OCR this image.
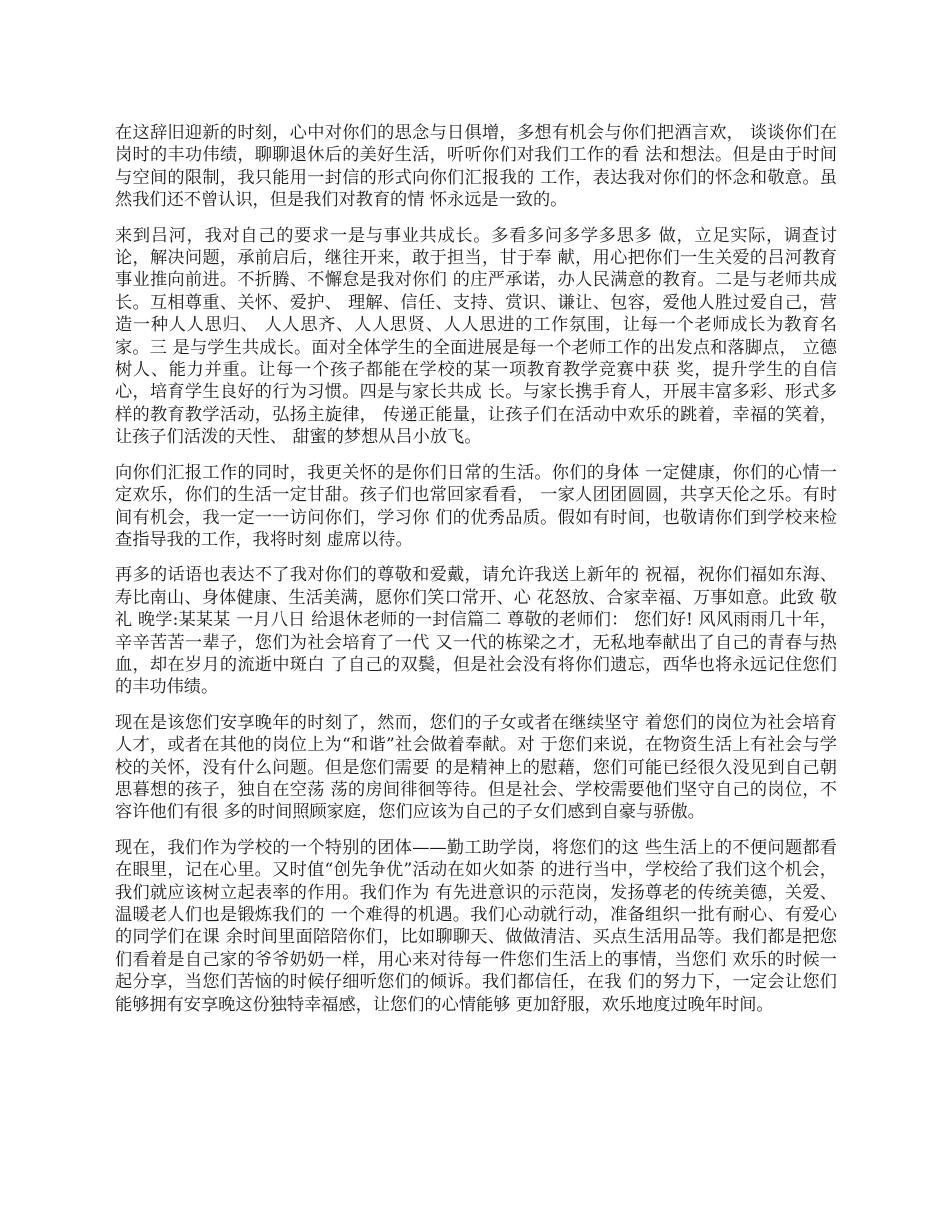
在这辞旧迎新的时刻，心中对你们的思念与日俱增，多想有机会与你们把酒言欢， 谈谈你们在岗时的丰功伟绩，聊聊退休后的美好生活，听听你们对我们工作的看 法和想法。但是由于时间与空间的限制，我只能用一封信的形式向你们汇报我的 工作，表达我对你们的怀念和敬意。虽然我们还不曾认识，但是我们对教育的情 怀永远是一致的。

来到吕河，我对自己的要求一是与事业共成长。多看多问多学多思多 做，立足实际，调查讨论，解决问题，承前启后，继往开来，敢于担当，甘于奉 献，用心把你们一生关爱的吕河教育事业推向前进。不折腾、不懈怠是我对你们 的庄严承诺，办人民满意的教育。二是与老师共成长。互相尊重、关怀、爱护、 理解、信任、支持、赏识、谦让、包容，爱他人胜过爱自己，营造一种人人思归、 人人思齐、人人思贤、人人思进的工作氛围，让每一个老师成长为教育名家。三 是与学生共成长。面对全体学生的全面进展是每一个老师工作的出发点和落脚点， 立德树人、能力并重。让每一个孩子都能在学校的某一项教育教学竞赛中获 奖，提升学生的自信心，培育学生良好的行为习惯。四是与家长共成 长。与家长携手育人，开展丰富多彩、形式多样的教育教学活动，弘扬主旋律， 传递正能量，让孩子们在活动中欢乐的跳着，幸福的笑着，让孩子们活泼的天性、 甜蜜的梦想从吕小放飞。

向你们汇报工作的同时，我更关怀的是你们日常的生活。你们的身体 一定健康，你们的心情一定欢乐，你们的生活一定甘甜。孩子们也常回家看看， 一家人团团圆圆，共享天伦之乐。有时间有机会，我一定一一访问你们，学习你 们的优秀品质。假如有时间，也敬请你们到学校来检查指导我的工作，我将时刻 虚席以待。

再多的话语也表达不了我对你们的尊敬和爱戴，请允许我送上新年的 祝福，祝你们福如东海、寿比南山、身体健康、生活美满，愿你们笑口常开、心 花怒放、合家幸福、万事如意。此致 敬礼 晚学:某某某 一月八日 给退休老师的一封信篇二 尊敬的老师们： 您们好! 风风雨雨几十年，辛辛苦苦一辈子，您们为社会培育了一代 又一代的栋梁之才，无私地奉献出了自己的青春与热血，却在岁月的流逝中斑白 了自己的双鬓，但是社会没有将你们遗忘，西华也将永远记住您们的丰功伟绩。

现在是该您们安享晚年的时刻了，然而，您们的子女或者在继续坚守 着您们的岗位为社会培育人才，或者在其他的岗位上为“和谐”社会做着奉献。对 于您们来说，在物资生活上有社会与学校的关怀，没有什么问题。但是您们需要 的是精神上的慰藉，您们可能已经很久没见到自己朝思暮想的孩子，独自在空荡 荡的房间徘徊等待。但是社会、学校需要他们坚守自己的岗位，不容许他们有很 多的时间照顾家庭，您们应该为自己的子女们感到自豪与骄傲。

现在，我们作为学校的一个特别的团体——勤工助学岗，将您们的这 些生活上的不便问题都看在眼里，记在心里。又时值“创先争优”活动在如火如荼 的进行当中，学校给了我们这个机会，我们就应该树立起表率的作用。我们作为 有先进意识的示范岗，发扬尊老的传统美德，关爱、温暖老人们也是锻炼我们的 一个难得的机遇。我们心动就行动，准备组织一批有耐心、有爱心的同学们在课 余时间里面陪陪你们，比如聊聊天、做做清洁、买点生活用品等。我们都是把您 们看着是自己家的爷爷奶奶一样，用心来对待每一件您们生活上的事情，当您们 欢乐的时候一起分享，当您们苦恼的时候仔细听您们的倾诉。我们都信任，在我 们的努力下，一定会让您们能够拥有安享晚这份独特幸福感，让您们的心情能够 更加舒服，欢乐地度过晚年时间。
